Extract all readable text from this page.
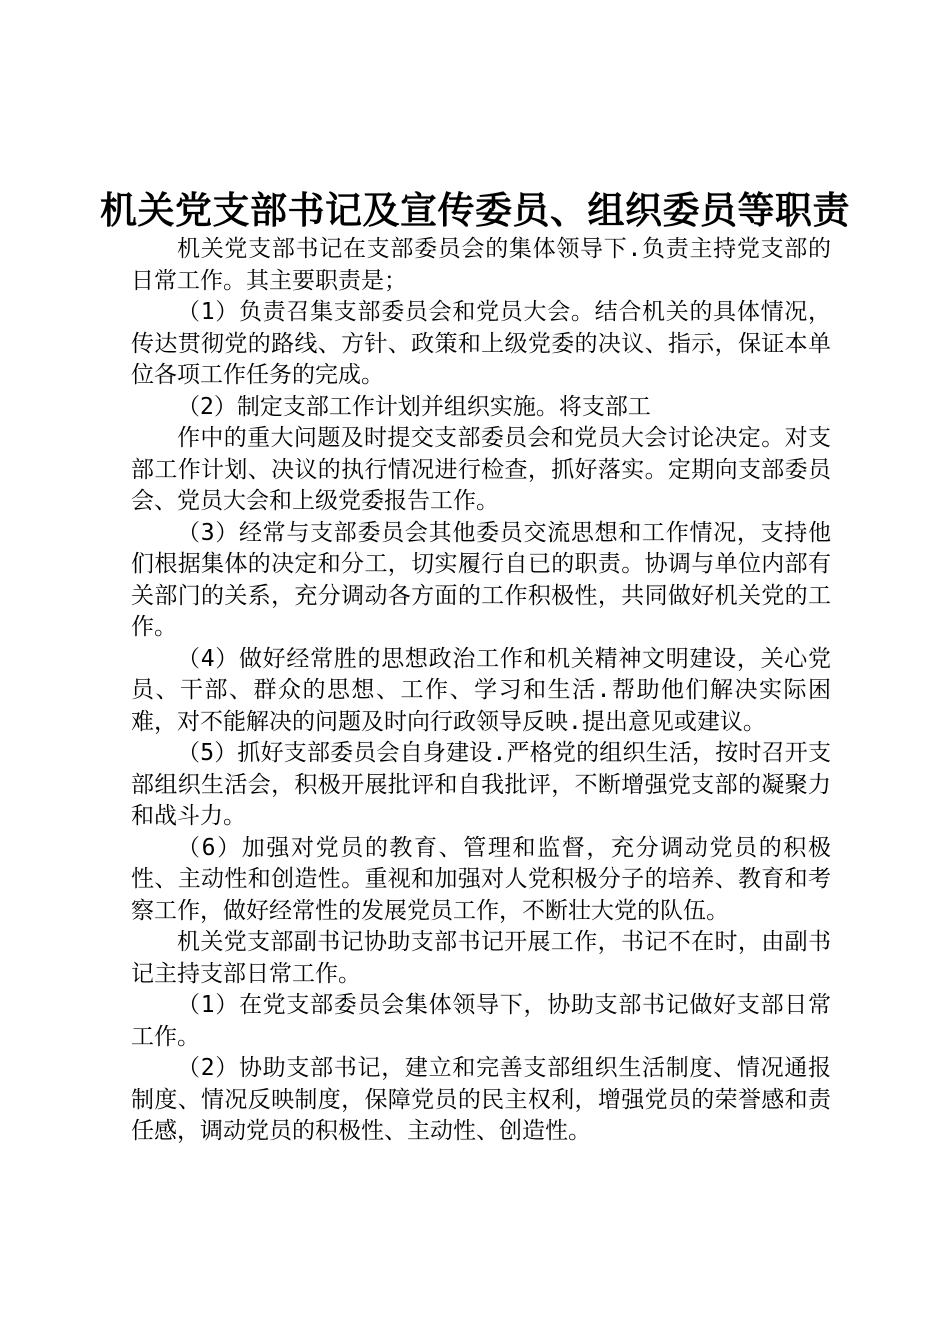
机关党支部书记及宣传委员、组织委员等职责

机关党支部书记在支部委员会的集体领导下.负责主持党支部的日常工作。其主要职责是；

（1）负责召集支部委员会和党员大会。结合机关的具体情况，传达贯彻党的路线、方针、政策和上级党委的决议、指示，保证本单位各项工作任务的完成。

（2）制定支部工作计划并组织实施。将支部工

作中的重大问题及时提交支部委员会和党员大会讨论决定。对支部工作计划、决议的执行情况进行检查，抓好落实。定期向支部委员会、党员大会和上级党委报告工作。

（3）经常与支部委员会其他委员交流思想和工作情况，支持他们根据集体的决定和分工，切实履行自已的职责。协调与单位内部有关部门的关系，充分调动各方面的工作积极性，共同做好机关党的工作。

（4）做好经常胜的思想政治工作和机关精神文明建设，关心党员、干部、群众的思想、工作、学习和生活.帮助他们解决实际困难，对不能解决的问题及时向行政领导反映.提出意见或建议。

（5）抓好支部委员会自身建设.严格党的组织生活，按时召开支部组织生活会，积极开展批评和自我批评，不断增强党支部的凝聚力和战斗力。

（6）加强对党员的教育、管理和监督，充分调动党员的积极性、主动性和创造性。重视和加强对人党积极分子的培养、教育和考察工作，做好经常性的发展党员工作，不断壮大党的队伍。

机关党支部副书记协助支部书记开展工作，书记不在时，由副书记主持支部日常工作。

（1）在党支部委员会集体领导下，协助支部书记做好支部日常工作。

（2）协助支部书记，建立和完善支部组织生活制度、情况通报制度、情况反映制度，保障党员的民主权利，增强党员的荣誉感和责任感，调动党员的积极性、主动性、创造性。
